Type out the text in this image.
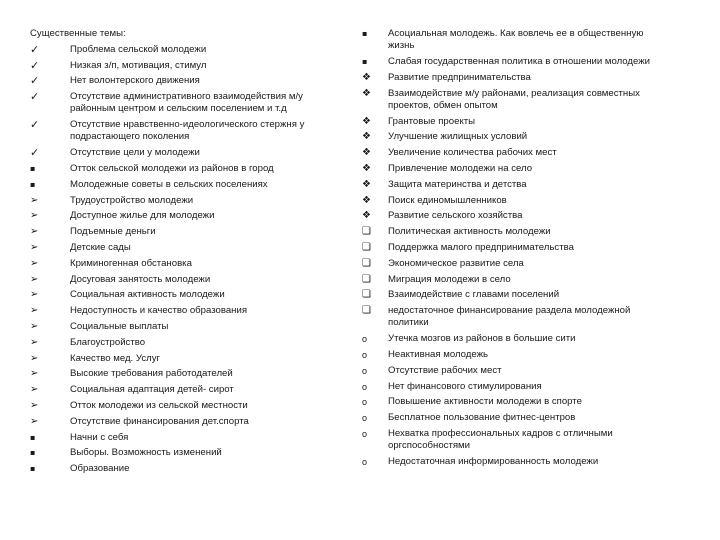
Существенные темы:
✓
Проблема сельской молодежи
✓
Низкая з/п, мотивация, стимул
✓
Нет волонтерского движения
✓
Отсутствие административного взаимодействия м/у районным центром и сельским поселением и т.д
✓
Отсутствие нравственно-идеологического стержня у подрастающего поколения
✓
Отсутствие цели у молодежи
▪
Отток сельской молодежи из районов в город
▪
Молодежные советы в сельских поселениях
➢
Трудоустройство молодежи
➢
Доступное жилье для молодежи
➢
Подъемные деньги
➢
Детские сады
➢
Криминогенная обстановка
➢
Досуговая занятость молодежи
➢
Социальная активность молодежи
➢
Недоступность и качество образования
➢
Социальные выплаты
➢
Благоустройство
➢
Качество мед. Услуг
➢
Высокие требования работодателей
➢
Социальная адаптация детей- сирот
➢
Отток молодежи из сельской местности
➢
Отсутствие финансирования дет.спорта
▪
Начни с себя
▪
Выборы. Возможность изменений
▪
Образование
▪
Асоциальная молодежь. Как вовлечь ее в общественную жизнь
▪
Слабая государственная политика в отношении молодежи
❖
Развитие предпринимательства
❖
Взаимодействие м/у районами, реализация совместных проектов, обмен опытом
❖
Грантовые проекты
❖
Улучшение жилищных условий
❖
Увеличение количества рабочих мест
❖
Привлечение молодежи на село
❖
Защита материнства и детства
❖
Поиск единомышленников
❖
Развитие сельского хозяйства
❏
Политическая активность молодежи
❏
Поддержка малого предпринимательства
❏
Экономическое развитие села
❏
Миграция молодежи в село
❏
Взаимодействие с главами поселений
❏
недостаточное финансирование раздела молодежной политики
o
Утечка мозгов из районов в большие сити
o
Неактивная молодежь
o
Отсутствие рабочих мест
o
Нет финансового стимулирования
o
Повышение активности молодежи в спорте
o
Бесплатное пользование фитнес-центров
o
Нехватка профессиональных кадров с отличными оргспособностями
o
Недостаточная информированность молодежи
